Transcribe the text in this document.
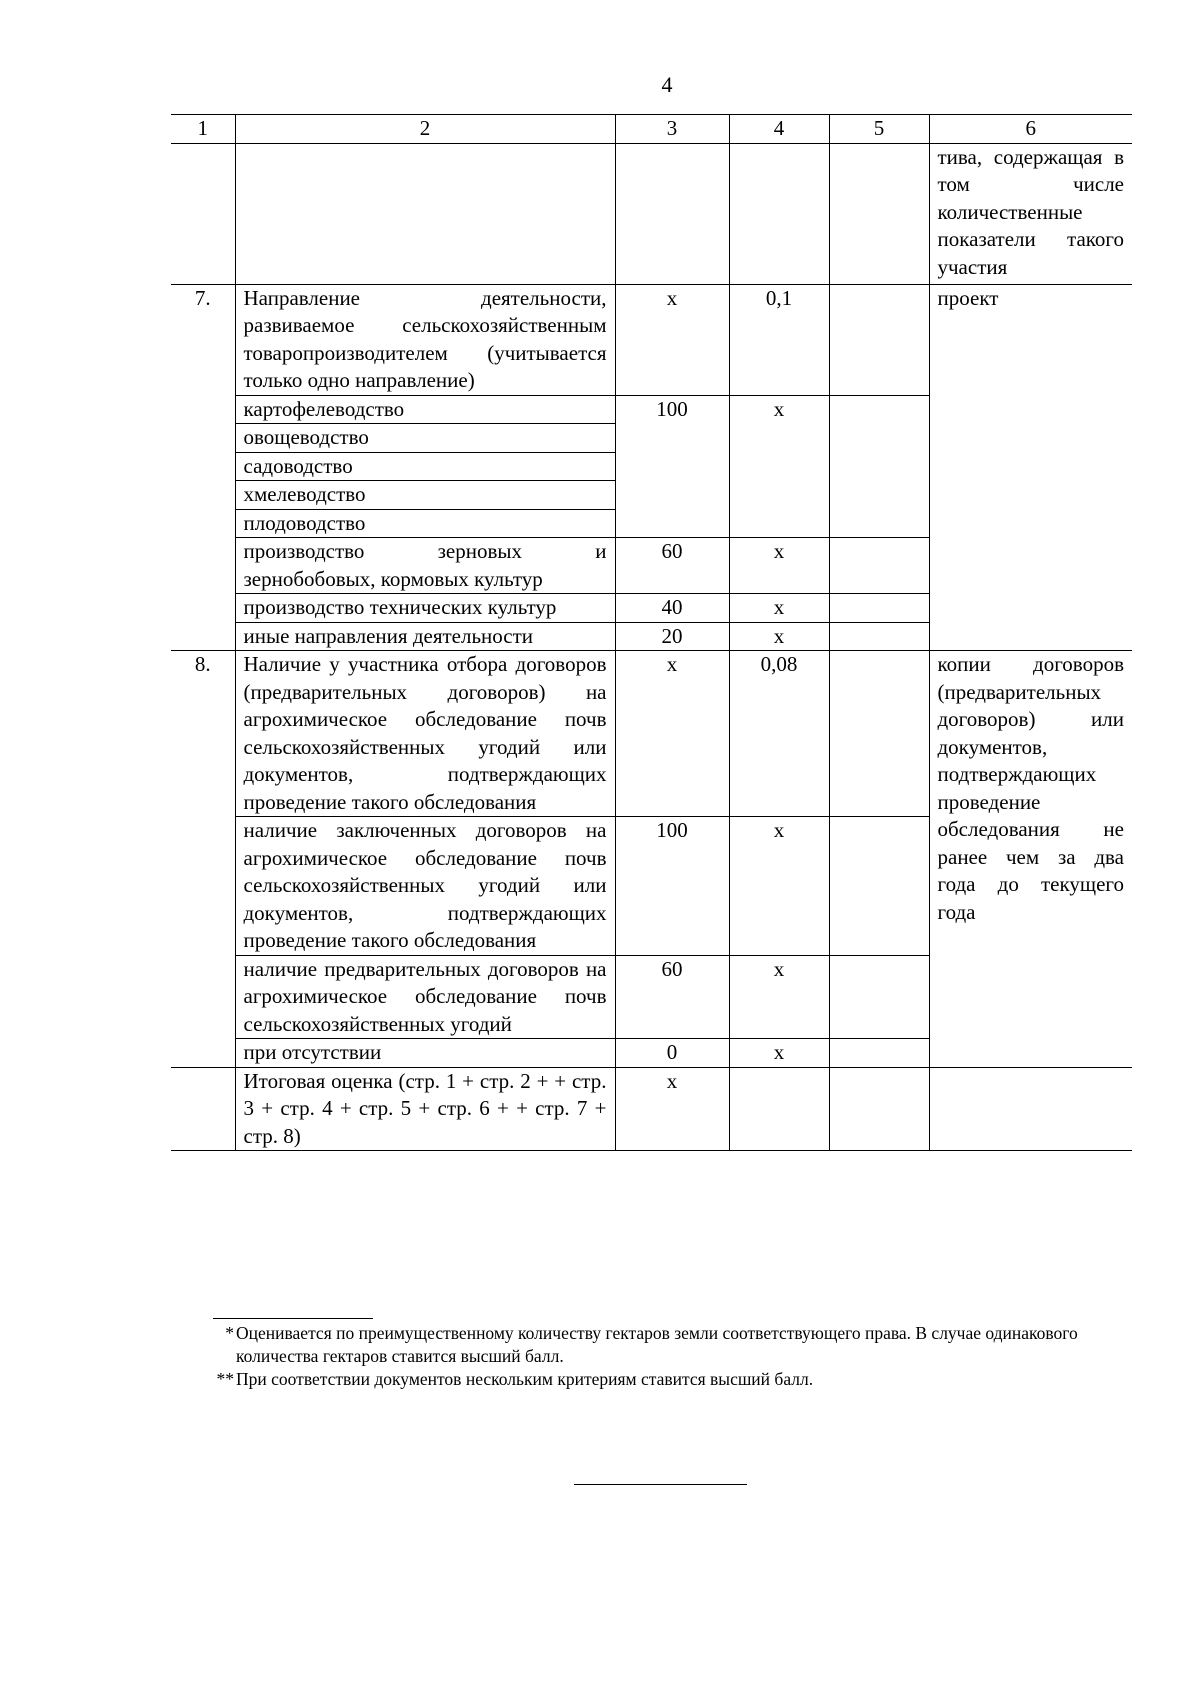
4
1	2	3	4	5	6
					тива, содержащая в том числе количественные показатели такого участия
7.	Направление деятельности, развиваемое сельскохозяйственным товаропроизводителем (учитывается только одно направление)	х	0,1		проект
	картофелеводство	100	х		
	овощеводство				
	садоводство				
	хмелеводство				
	плодоводство				
	производство зерновых и зернобобовых, кормовых культур	60	х		
	производство технических культур	40	х		
	иные направления деятельности	20	х		
8.	Наличие у участника отбора договоров (предварительных договоров) на агрохимическое обследование почв сельскохозяйственных угодий или документов, подтверждающих проведение такого обследования	х	0,08		копии договоров (предварительных договоров) или документов, подтверждающих проведение обследования не ранее чем за два года до текущего года
	наличие заключенных договоров на агрохимическое обследование почв сельскохозяйственных угодий или документов, подтверждающих проведение такого обследования	100	х		
	наличие предварительных договоров на агрохимическое обследование почв сельскохозяйственных угодий	60	х		
	при отсутствии	0	х		
	Итоговая оценка (стр. 1 + стр. 2 + + стр. 3 + стр. 4 + стр. 5 + стр. 6 + + стр. 7 + стр. 8)	х			
* Оценивается по преимущественному количеству гектаров земли соответствующего права. В случае одинакового количества гектаров ставится высший балл.
** При соответствии документов нескольким критериям ставится высший балл.
